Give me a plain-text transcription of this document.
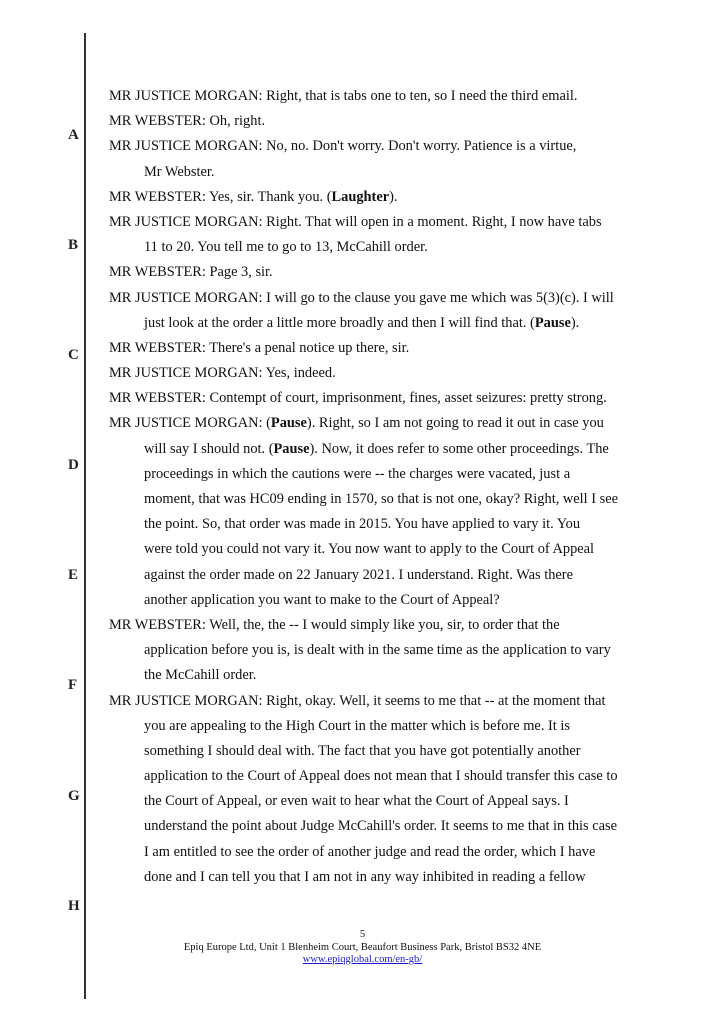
A
B
C
D
E
F
G
H
MR JUSTICE MORGAN: Right, that is tabs one to ten, so I need the third email.
MR WEBSTER: Oh, right.
MR JUSTICE MORGAN: No, no. Don't worry. Don't worry. Patience is a virtue,
Mr Webster.
MR WEBSTER: Yes, sir. Thank you. (Laughter).
MR JUSTICE MORGAN: Right. That will open in a moment. Right, I now have tabs
11 to 20. You tell me to go to 13, McCahill order.
MR WEBSTER: Page 3, sir.
MR JUSTICE MORGAN: I will go to the clause you gave me which was 5(3)(c). I will
just look at the order a little more broadly and then I will find that. (Pause).
MR WEBSTER: There's a penal notice up there, sir.
MR JUSTICE MORGAN: Yes, indeed.
MR WEBSTER: Contempt of court, imprisonment, fines, asset seizures: pretty strong.
MR JUSTICE MORGAN: (Pause). Right, so I am not going to read it out in case you
will say I should not. (Pause). Now, it does refer to some other proceedings. The
proceedings in which the cautions were -- the charges were vacated, just a
moment, that was HC09 ending in 1570, so that is not one, okay? Right, well I see
the point. So, that order was made in 2015. You have applied to vary it. You
were told you could not vary it. You now want to apply to the Court of Appeal
against the order made on 22 January 2021. I understand. Right. Was there
another application you want to make to the Court of Appeal?
MR WEBSTER: Well, the, the -- I would simply like you, sir, to order that the
application before you is, is dealt with in the same time as the application to vary
the McCahill order.
MR JUSTICE MORGAN: Right, okay. Well, it seems to me that -- at the moment that
you are appealing to the High Court in the matter which is before me. It is
something I should deal with. The fact that you have got potentially another
application to the Court of Appeal does not mean that I should transfer this case to
the Court of Appeal, or even wait to hear what the Court of Appeal says. I
understand the point about Judge McCahill's order. It seems to me that in this case
I am entitled to see the order of another judge and read the order, which I have
done and I can tell you that I am not in any way inhibited in reading a fellow
5
Epiq Europe Ltd, Unit 1 Blenheim Court, Beaufort Business Park, Bristol BS32 4NE
www.epiqglobal.com/en-gb/
